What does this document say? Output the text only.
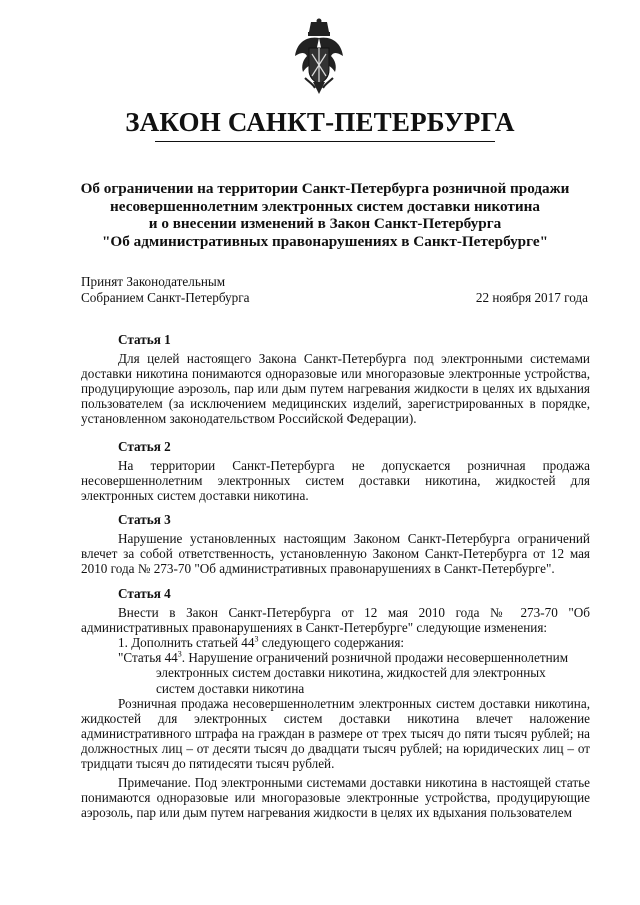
ЗАКОН САНКТ-ПЕТЕРБУРГА
Об ограничении на территории Санкт-Петербурга розничной продажи
несовершеннолетним электронных систем доставки никотина
и о внесении изменений в Закон Санкт-Петербурга
"Об административных правонарушениях в Санкт-Петербурге"
Принят Законодательным
Собранием Санкт-Петербурга	22 ноября 2017 года
Статья 1

Для целей настоящего Закона Санкт-Петербурга под электронными системами доставки никотина понимаются одноразовые или многоразовые электронные устройства, продуцирующие аэрозоль, пар или дым путем нагревания жидкости в целях их вдыхания пользователем (за исключением медицинских изделий, зарегистрированных в порядке, установленном законодательством Российской Федерации).

Статья 2

На территории Санкт-Петербурга не допускается розничная продажа несовершеннолетним электронных систем доставки никотина, жидкостей для электронных систем доставки никотина.

Статья 3

Нарушение установленных настоящим Законом Санкт-Петербурга ограничений влечет за собой ответственность, установленную Законом Санкт-Петербурга от 12 мая 2010 года № 273-70 "Об административных правонарушениях в Санкт-Петербурге".

Статья 4

Внести в Закон Санкт-Петербурга от 12 мая 2010 года № 273-70 "Об административных правонарушениях в Санкт-Петербурге" следующие изменения:

1. Дополнить статьей $44^3$ следующего содержания:

"Статья $44^3$. Нарушение ограничений розничной продажи несовершеннолетним

электронных систем доставки никотина, жидкостей для электронных

систем доставки никотина

Розничная продажа несовершеннолетним электронных систем доставки никотина, жидкостей для электронных систем доставки никотина влечет наложение административного штрафа на граждан в размере от трех тысяч до пяти тысяч рублей; на должностных лиц – от десяти тысяч до двадцати тысяч рублей; на юридических лиц – от тридцати тысяч до пятидесяти тысяч рублей.

Примечание. Под электронными системами доставки никотина в настоящей статье понимаются одноразовые или многоразовые электронные устройства, продуцирующие аэрозоль, пар или дым путем нагревания жидкости в целях их вдыхания пользователем
